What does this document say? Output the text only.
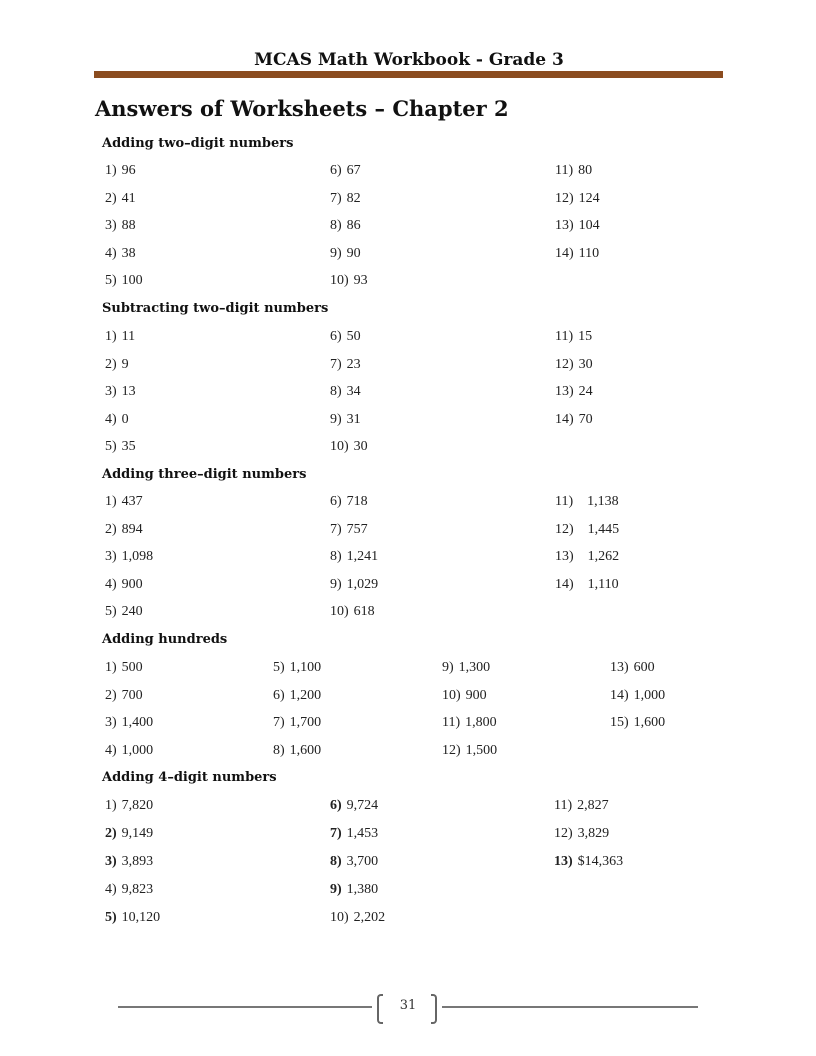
MCAS Math Workbook - Grade 3
Answers of Worksheets – Chapter 2
Adding two–digit numbers
1) 96
2) 41
3) 88
4) 38
5) 100
6) 67
7) 82
8) 86
9) 90
10) 93
11) 80
12) 124
13) 104
14) 110
Subtracting two–digit numbers
1) 11
2) 9
3) 13
4) 0
5) 35
6) 50
7) 23
8) 34
9) 31
10) 30
11) 15
12) 30
13) 24
14) 70
Adding three–digit numbers
1) 437
2) 894
3) 1,098
4) 900
5) 240
6) 718
7) 757
8) 1,241
9) 1,029
10) 618
11) 1,138
12) 1,445
13) 1,262
14) 1,110
Adding hundreds
1) 500
2) 700
3) 1,400
4) 1,000
5) 1,100
6) 1,200
7) 1,700
8) 1,600
9) 1,300
10) 900
11) 1,800
12) 1,500
13) 600
14) 1,000
15) 1,600
Adding 4–digit numbers
1) 7,820
2) 9,149
3) 3,893
4) 9,823
5) 10,120
6) 9,724
7) 1,453
8) 3,700
9) 1,380
10) 2,202
11) 2,827
12) 3,829
13) $14,363
31
